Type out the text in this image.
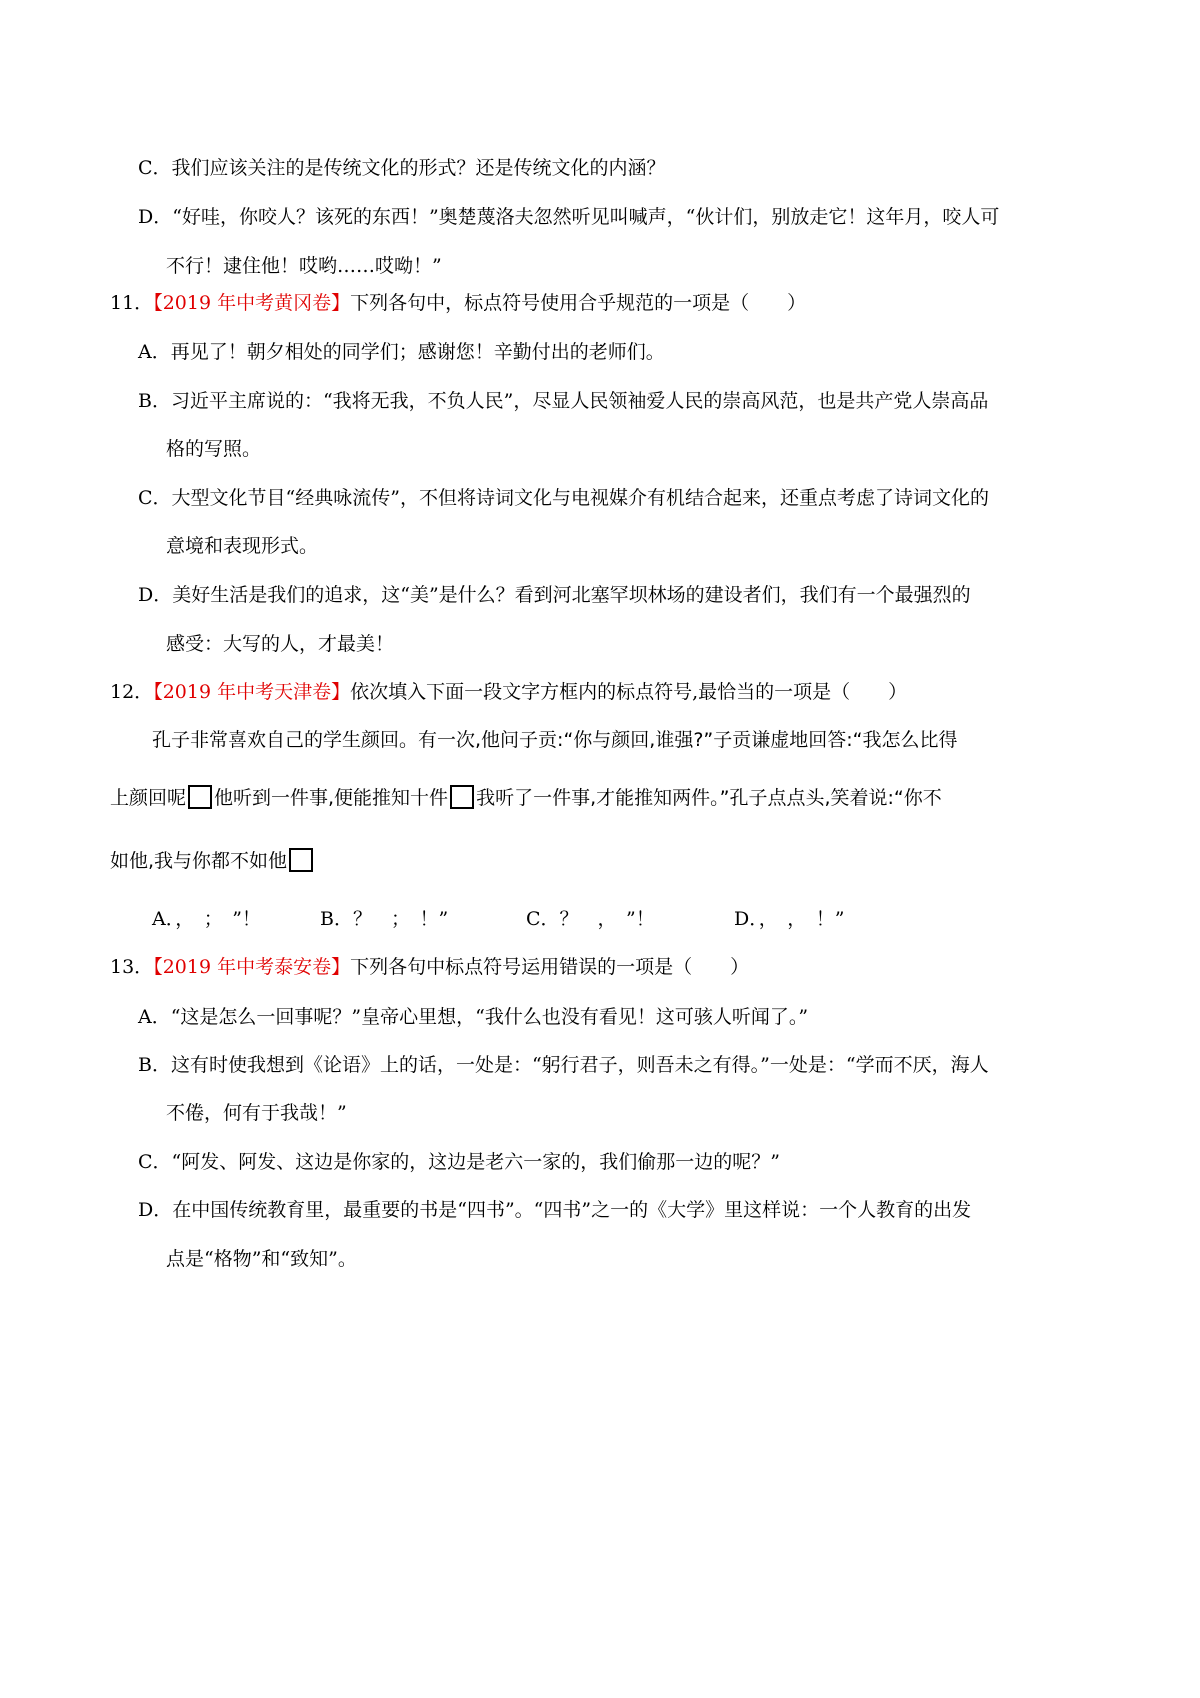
C．我们应该关注的是传统文化的形式？还是传统文化的内涵？
D．“好哇，你咬人？该死的东西！”奥楚蔑洛夫忽然听见叫喊声，“伙计们，别放走它！这年月，咬人可
不行！逮住他！哎哟……哎呦！”
11．【2019 年中考黄冈卷】下列各句中，标点符号使用合乎规范的一项是（　　）
A．再见了！朝夕相处的同学们；感谢您！辛勤付出的老师们。
B．习近平主席说的：“我将无我，不负人民”，尽显人民领袖爱人民的崇高风范，也是共产党人崇高品
格的写照。
C．大型文化节目“经典咏流传”，不但将诗词文化与电视媒介有机结合起来，还重点考虑了诗词文化的
意境和表现形式。
D．美好生活是我们的追求，这“美”是什么？看到河北塞罕坝林场的建设者们，我们有一个最强烈的
感受：大写的人，才最美！
12．【2019 年中考天津卷】依次填入下面一段文字方框内的标点符号,最恰当的一项是（　　）
孔子非常喜欢自己的学生颜回。有一次,他问子贡:“你与颜回,谁强?”子贡谦虚地回答:“我怎么比得
上颜回呢 他听到一件事,便能推知十件 我听了一件事,才能推知两件。”孔子点点头,笑着说:“你不
如他,我与你都不如他
A．，　；　”！	B．？　；　！”	C．？　，　”！	D．，　，　！”
13．【2019 年中考泰安卷】下列各句中标点符号运用错误的一项是（　　）
A．“这是怎么一回事呢？”皇帝心里想，“我什么也没有看见！这可骇人听闻了。”
B．这有时使我想到《论语》上的话，一处是：“躬行君子，则吾未之有得。”一处是：“学而不厌，海人
不倦，何有于我哉！”
C．“阿发、阿发、这边是你家的，这边是老六一家的，我们偷那一边的呢？”
D．在中国传统教育里，最重要的书是“四书”。“四书”之一的《大学》里这样说：一个人教育的出发
点是“格物”和“致知”。
